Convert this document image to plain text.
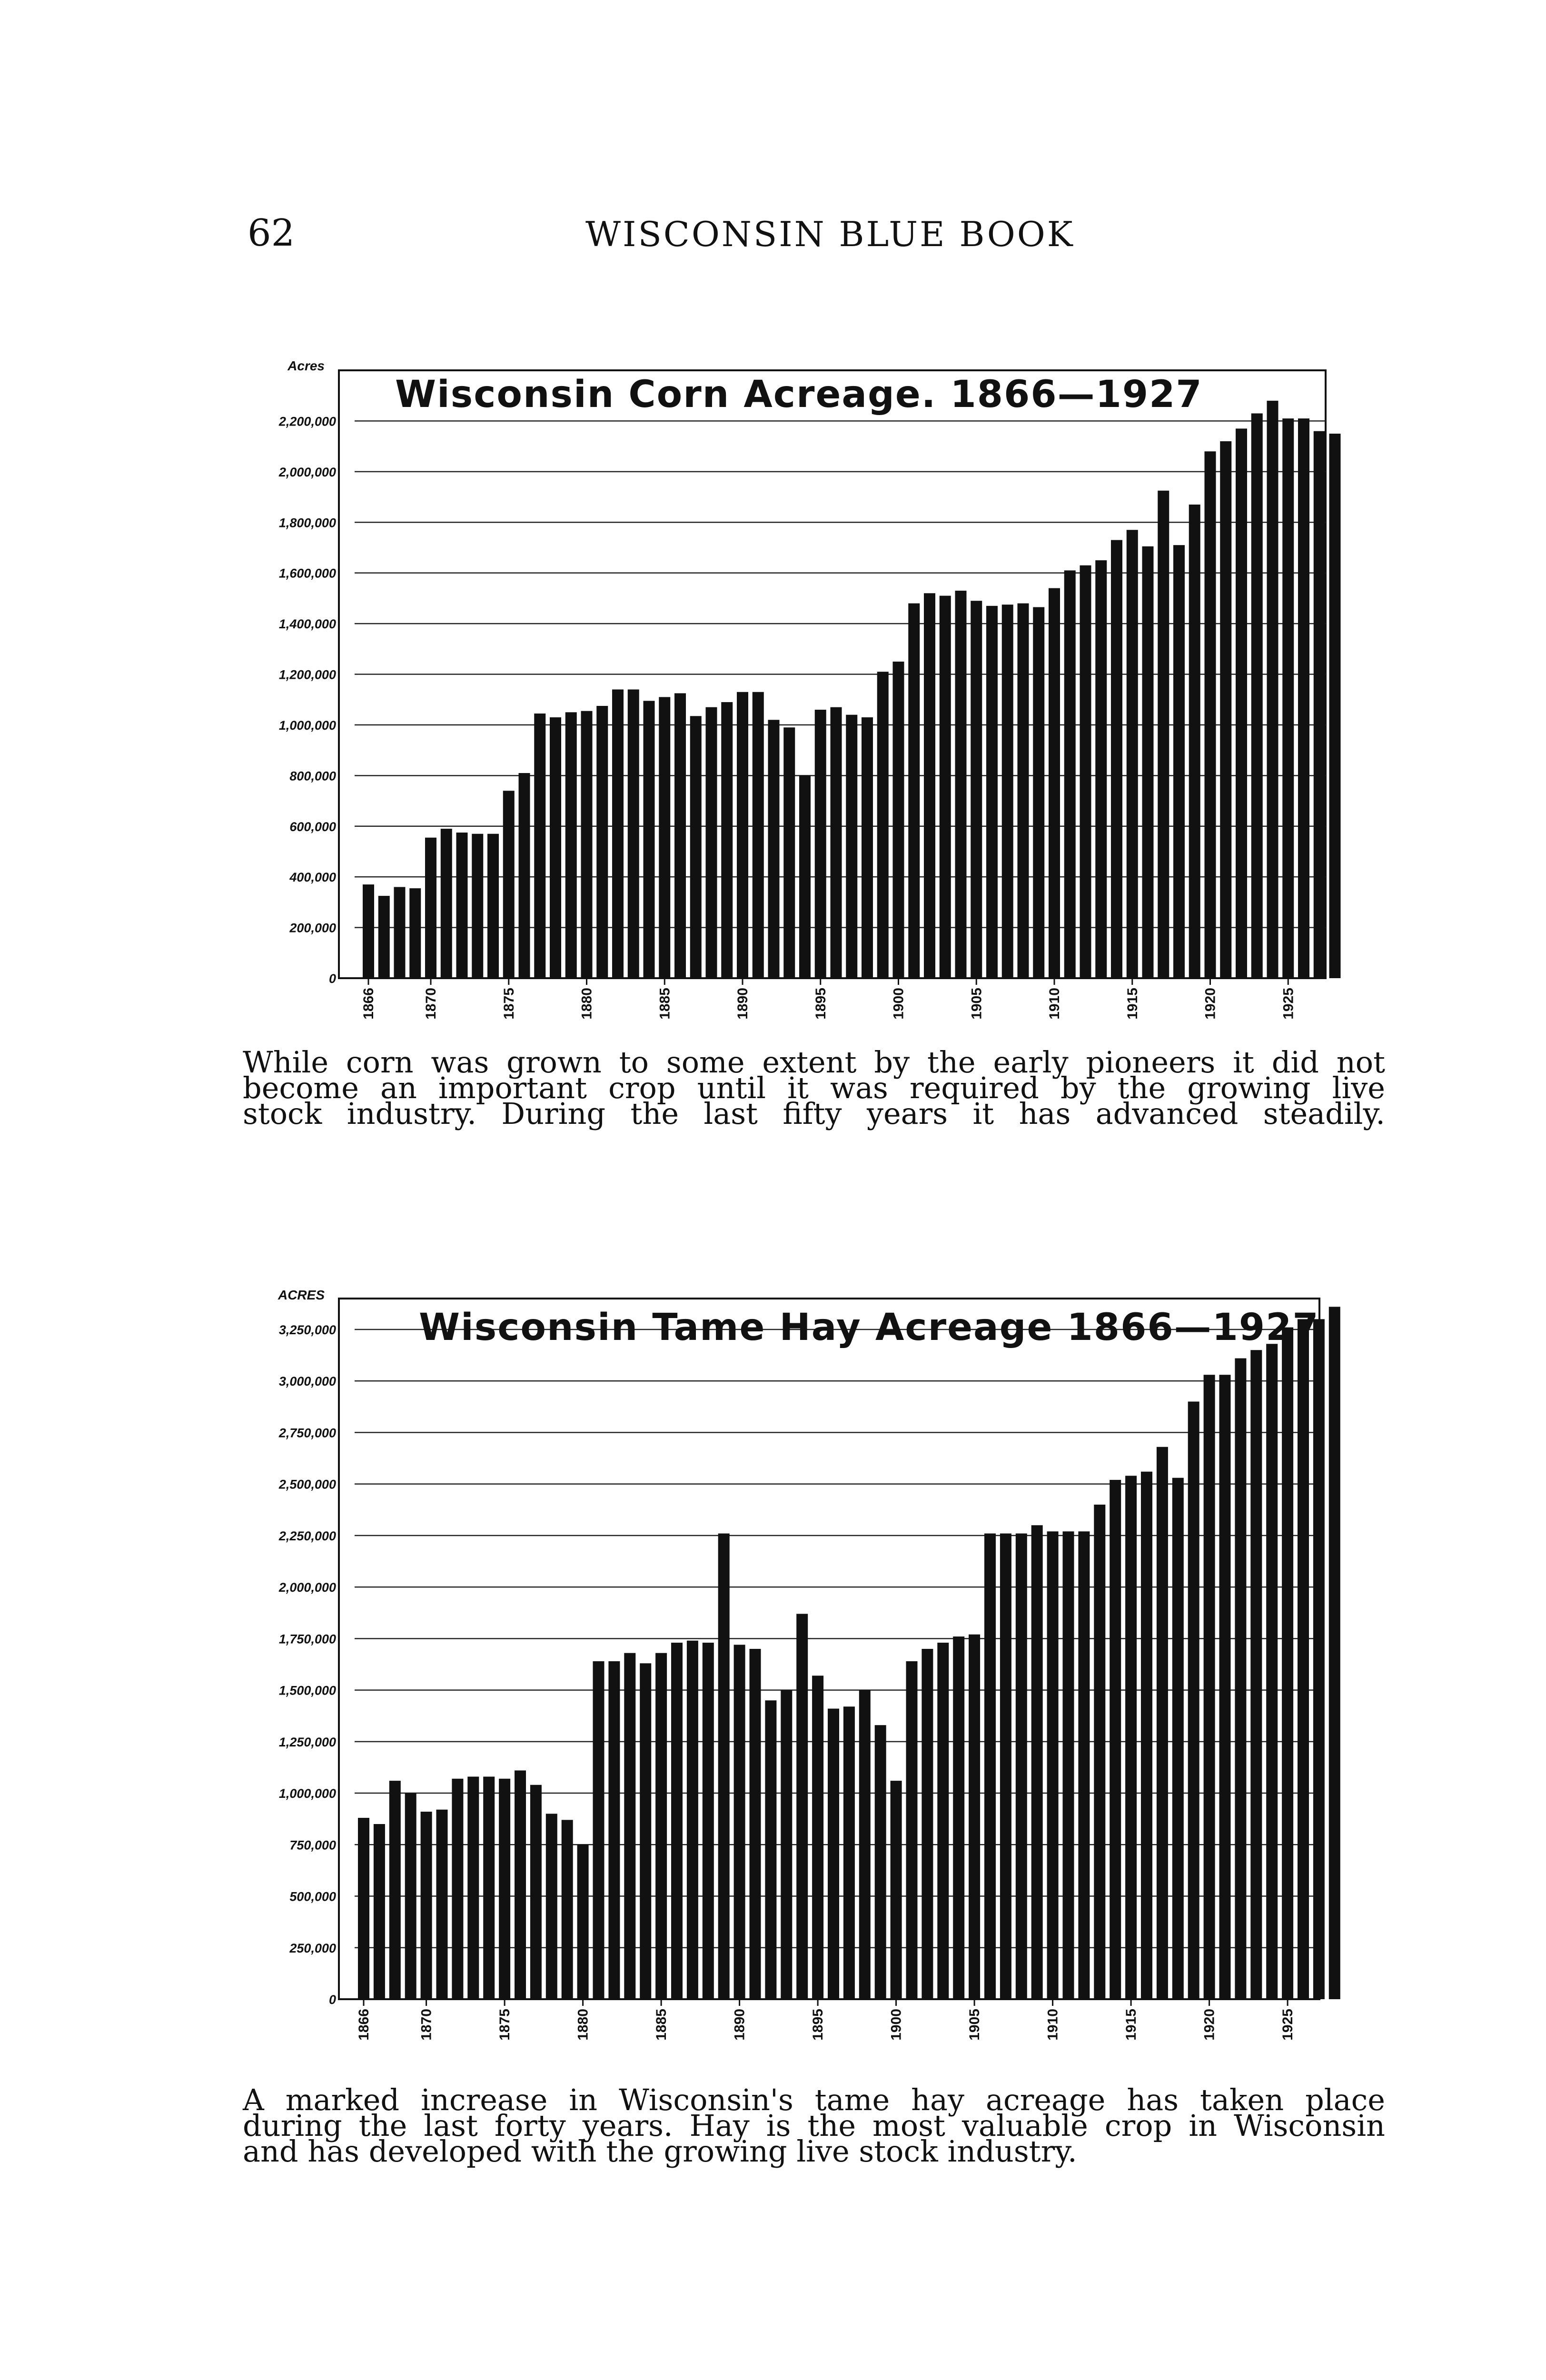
62	WISCONSIN BLUE BOOK
0
200,000
400,000
600,000
800,000
1,000,000
1,200,000
1,400,000
1,600,000
1,800,000
2,000,000
2,200,000
Acres
1866	1870	1875	1880	1885	1890	1895	1900	1905	1910	1915	1920	1925
Wisconsin Corn Acreage. 1866—1927
0
250,000
500,000
750,000
1,000,000
1,250,000
1,500,000
1,750,000
2,000,000
2,250,000
2,500,000
2,750,000
3,000,000
3,250,000
ACRES
1866	1870	1875	1880	1885	1890	1895	1900	1905	1910	1915	1920	1925
Wisconsin Tame Hay Acreage 1866—1927
While corn was grown to some extent by the early pioneers it did not
become an important crop until it was required by the growing live
stock industry. During the last fifty years it has advanced steadily.
A marked increase in Wisconsin's tame hay acreage has taken place
during the last forty years. Hay is the most valuable crop in Wisconsin
and has developed with the growing live stock industry.
